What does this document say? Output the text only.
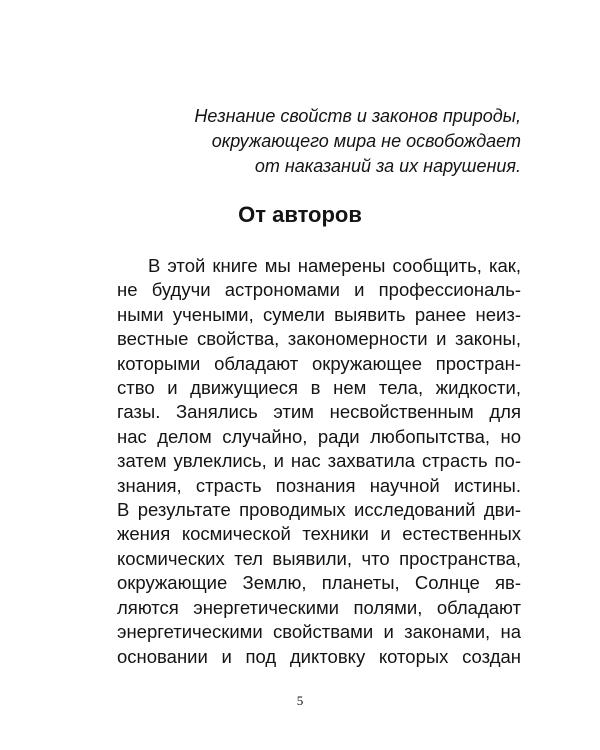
Незнание свойств и законов природы,
окружающего мира не освобождает
от наказаний за их нарушения.
От авторов
В этой книге мы намерены сообщить, как,
не будучи астрономами и профессиональ-
ными учеными, сумели выявить ранее неиз-
вестные свойства, закономерности и законы,
которыми обладают окружающее простран-
ство и движущиеся в нем тела, жидкости,
газы. Занялись этим несвойственным для
нас делом случайно, ради любопытства, но
затем увлеклись, и нас захватила страсть по-
знания, страсть познания научной истины.
В результате проводимых исследований дви-
жения космической техники и естественных
космических тел выявили, что пространства,
окружающие Землю, планеты, Солнце яв-
ляются энергетическими полями, обладают
энергетическими свойствами и законами, на
основании и под диктовку которых создан
5
